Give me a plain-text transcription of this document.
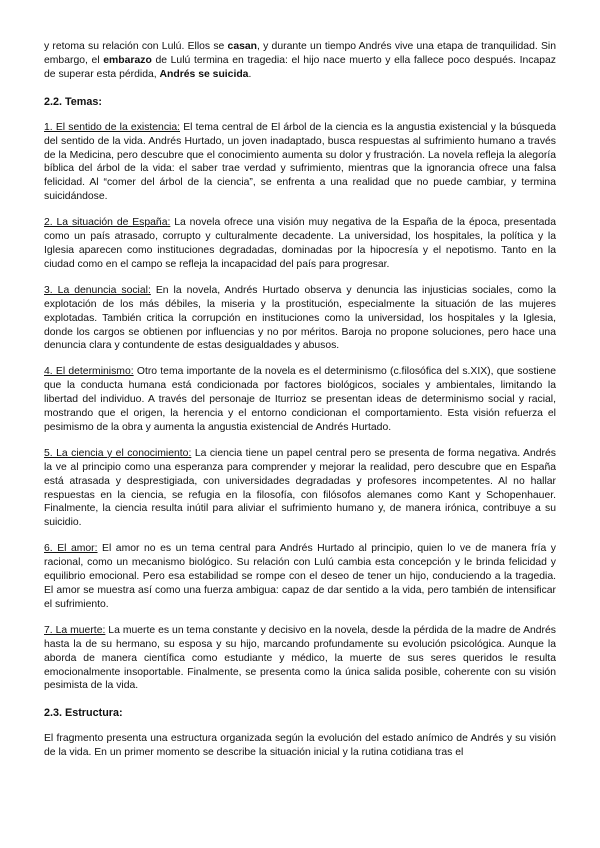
y retoma su relación con Lulú. Ellos se casan, y durante un tiempo Andrés vive una etapa de tranquilidad. Sin embargo, el embarazo de Lulú termina en tragedia: el hijo nace muerto y ella fallece poco después. Incapaz de superar esta pérdida, Andrés se suicida.

2.2. Temas:

1. El sentido de la existencia: El tema central de El árbol de la ciencia es la angustia existencial y la búsqueda del sentido de la vida. Andrés Hurtado, un joven inadaptado, busca respuestas al sufrimiento humano a través de la Medicina, pero descubre que el conocimiento aumenta su dolor y frustración. La novela refleja la alegoría bíblica del árbol de la vida: el saber trae verdad y sufrimiento, mientras que la ignorancia ofrece una falsa felicidad. Al “comer del árbol de la ciencia”, se enfrenta a una realidad que no puede cambiar, y termina suicidándose.

2. La situación de España: La novela ofrece una visión muy negativa de la España de la época, presentada como un país atrasado, corrupto y culturalmente decadente. La universidad, los hospitales, la política y la Iglesia aparecen como instituciones degradadas, dominadas por la hipocresía y el nepotismo. Tanto en la ciudad como en el campo se refleja la incapacidad del país para progresar.

3. La denuncia social: En la novela, Andrés Hurtado observa y denuncia las injusticias sociales, como la explotación de los más débiles, la miseria y la prostitución, especialmente la situación de las mujeres explotadas. También critica la corrupción en instituciones como la universidad, los hospitales y la Iglesia, donde los cargos se obtienen por influencias y no por méritos. Baroja no propone soluciones, pero hace una denuncia clara y contundente de estas desigualdades y abusos.

4. El determinismo: Otro tema importante de la novela es el determinismo (c.filosófica del s.XIX), que sostiene que la conducta humana está condicionada por factores biológicos, sociales y ambientales, limitando la libertad del individuo. A través del personaje de Iturrioz se presentan ideas de determinismo social y racial, mostrando que el origen, la herencia y el entorno condicionan el comportamiento. Esta visión refuerza el pesimismo de la obra y aumenta la angustia existencial de Andrés Hurtado.

5. La ciencia y el conocimiento: La ciencia tiene un papel central pero se presenta de forma negativa. Andrés la ve al principio como una esperanza para comprender y mejorar la realidad, pero descubre que en España está atrasada y desprestigiada, con universidades degradadas y profesores incompetentes. Al no hallar respuestas en la ciencia, se refugia en la filosofía, con filósofos alemanes como Kant y Schopenhauer. Finalmente, la ciencia resulta inútil para aliviar el sufrimiento humano y, de manera irónica, contribuye a su suicidio.

6. El amor: El amor no es un tema central para Andrés Hurtado al principio, quien lo ve de manera fría y racional, como un mecanismo biológico. Su relación con Lulú cambia esta concepción y le brinda felicidad y equilibrio emocional. Pero esa estabilidad se rompe con el deseo de tener un hijo, conduciendo a la tragedia. El amor se muestra así como una fuerza ambigua: capaz de dar sentido a la vida, pero también de intensificar el sufrimiento.

7. La muerte: La muerte es un tema constante y decisivo en la novela, desde la pérdida de la madre de Andrés hasta la de su hermano, su esposa y su hijo, marcando profundamente su evolución psicológica. Aunque la aborda de manera científica como estudiante y médico, la muerte de sus seres queridos le resulta emocionalmente insoportable. Finalmente, se presenta como la única salida posible, coherente con su visión pesimista de la vida.

2.3. Estructura:

El fragmento presenta una estructura organizada según la evolución del estado anímico de Andrés y su visión de la vida. En un primer momento se describe la situación inicial y la rutina cotidiana tras el
